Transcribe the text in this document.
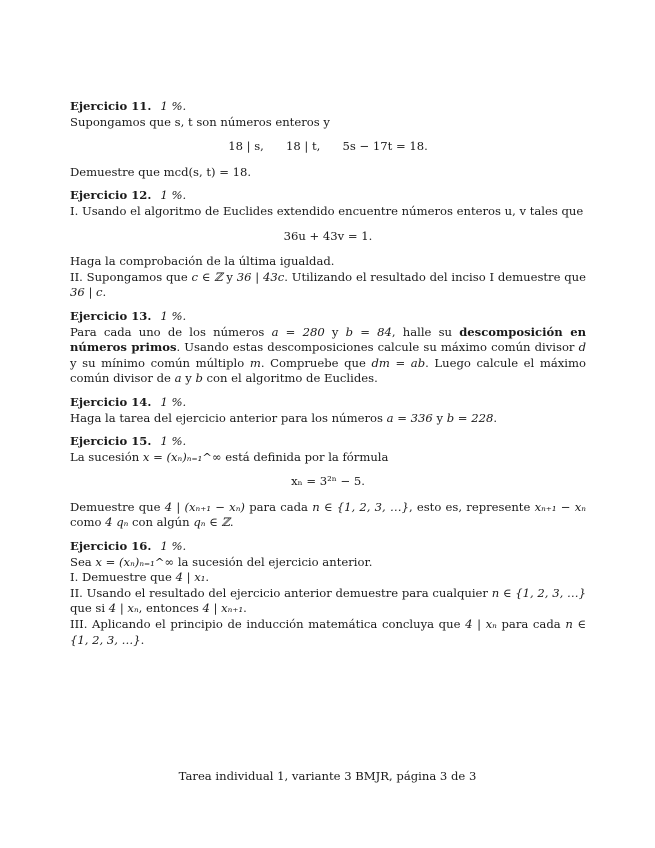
Ejercicio 11. 1 %.
Supongamos que s, t son números enteros y
18 | s,      18 | t,      5s − 17t = 18.
Demuestre que mcd(s, t) = 18.
Ejercicio 12. 1 %.
I. Usando el algoritmo de Euclides extendido encuentre números enteros u, v tales que
36u + 43v = 1.
Haga la comprobación de la última igualdad.
II. Supongamos que c ∈ ℤ y 36 | 43c. Utilizando el resultado del inciso I demuestre que 36 | c.
Ejercicio 13. 1 %.
Para cada uno de los números a = 280 y b = 84, halle su descomposición en números primos. Usando estas descomposiciones calcule su máximo común divisor d y su mínimo común múltiplo m. Compruebe que dm = ab. Luego calcule el máximo común divisor de a y b con el algoritmo de Euclides.
Ejercicio 14. 1 %.
Haga la tarea del ejercicio anterior para los números a = 336 y b = 228.
Ejercicio 15. 1 %.
La sucesión x = (xₙ)ₙ₌₁^∞ está definida por la fórmula
xₙ = 3²ⁿ − 5.
Demuestre que 4 | (xₙ₊₁ − xₙ) para cada n ∈ {1, 2, 3, …}, esto es, represente xₙ₊₁ − xₙ como 4 qₙ con algún qₙ ∈ ℤ.
Ejercicio 16. 1 %.
Sea x = (xₙ)ₙ₌₁^∞ la sucesión del ejercicio anterior.
I. Demuestre que 4 | x₁.
II. Usando el resultado del ejercicio anterior demuestre para cualquier n ∈ {1, 2, 3, …} que si 4 | xₙ, entonces 4 | xₙ₊₁.
III. Aplicando el principio de inducción matemática concluya que 4 | xₙ para cada n ∈ {1, 2, 3, …}.
Tarea individual 1, variante 3 BMJR, página 3 de 3
